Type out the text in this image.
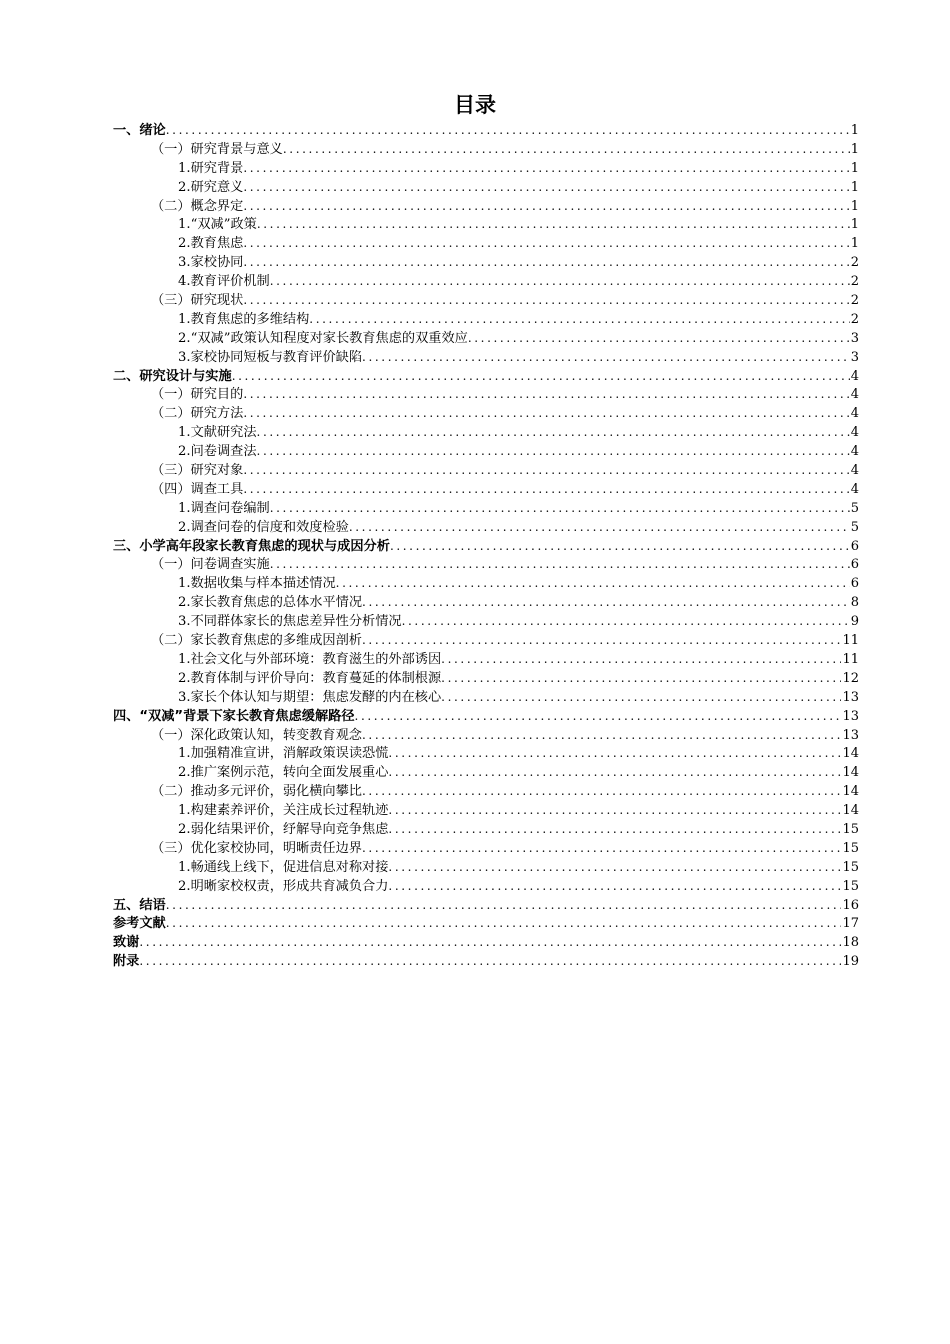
目录
一、绪论 .....	1
（一）研究背景与意义 .....	1
1.研究背景 .....	1
2.研究意义 .....	1
（二）概念界定 .....	1
1.“双减”政策 .....	1
2.教育焦虑 .....	1
3.家校协同 .....	2
4.教育评价机制 .....	2
（三）研究现状 .....	2
1.教育焦虑的多维结构 .....	2
2.“双减”政策认知程度对家长教育焦虑的双重效应 .....	3
3.家校协同短板与教育评价缺陷 .....	3
二、研究设计与实施 .....	4
（一）研究目的 .....	4
（二）研究方法 .....	4
1.文献研究法 .....	4
2.问卷调查法 .....	4
（三）研究对象 .....	4
（四）调查工具 .....	4
1.调查问卷编制 .....	5
2.调查问卷的信度和效度检验 .....	5
三、小学高年段家长教育焦虑的现状与成因分析 .....	6
（一）问卷调查实施 .....	6
1.数据收集与样本描述情况 .....	6
2.家长教育焦虑的总体水平情况 .....	8
3.不同群体家长的焦虑差异性分析情况 .....	9
（二）家长教育焦虑的多维成因剖析 .....	11
1.社会文化与外部环境：教育滋生的外部诱因 .....	11
2.教育体制与评价导向：教育蔓延的体制根源 .....	12
3.家长个体认知与期望：焦虑发酵的内在核心 .....	13
四、“双减”背景下家长教育焦虑缓解路径 .....	13
（一）深化政策认知，转变教育观念 .....	13
1.加强精准宣讲，消解政策误读恐慌 .....	14
2.推广案例示范，转向全面发展重心 .....	14
（二）推动多元评价，弱化横向攀比 .....	14
1.构建素养评价，关注成长过程轨迹 .....	14
2.弱化结果评价，纾解导向竞争焦虑 .....	15
（三）优化家校协同，明晰责任边界 .....	15
1.畅通线上线下，促进信息对称对接 .....	15
2.明晰家校权责，形成共育减负合力 .....	15
五、结语 .....	16
参考文献 .....	17
致谢 .....	18
附录 .....	19
